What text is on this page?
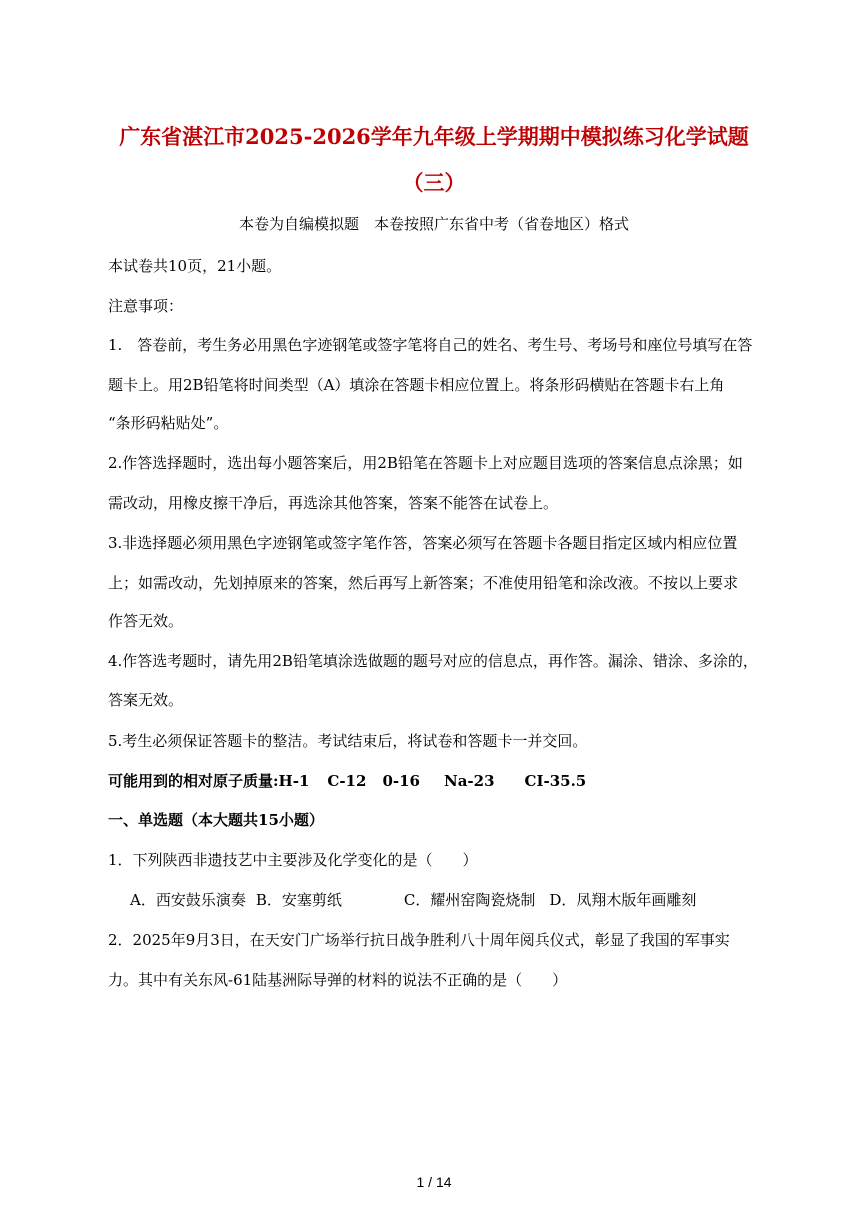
广东省湛江市2025-2026学年九年级上学期期中模拟练习化学试题
（三）
本卷为自编模拟题　本卷按照广东省中考（省卷地区）格式
本试卷共10页，21小题。
注意事项：
1.　答卷前，考生务必用黑色字迹钢笔或签字笔将自己的姓名、考生号、考场号和座位号填写在答
题卡上。用2B铅笔将时间类型（A）填涂在答题卡相应位置上。将条形码横贴在答题卡右上角
“条形码粘贴处”。
2.作答选择题时，选出每小题答案后，用2B铅笔在答题卡上对应题目选项的答案信息点涂黑；如
需改动，用橡皮擦干净后，再选涂其他答案，答案不能答在试卷上。
3.非选择题必须用黑色字迹钢笔或签字笔作答，答案必须写在答题卡各题目指定区域内相应位置
上；如需改动，先划掉原来的答案，然后再写上新答案；不准使用铅笔和涂改液。不按以上要求
作答无效。
4.作答选考题时，请先用2B铅笔填涂选做题的题号对应的信息点，再作答。漏涂、错涂、多涂的，
答案无效。
5.考生必须保证答题卡的整洁。考试结束后，将试卷和答题卡一并交回。
可能用到的相对原子质量:H-1 C-12 0-16 Na-23 CI-35.5
一、单选题（本大题共15小题）
1．下列陕西非遗技艺中主要涉及化学变化的是（　　）
A．西安鼓乐演奏 B．安塞剪纸	C．耀州窑陶瓷烧制 D．凤翔木版年画雕刻
2．2025年9月3日，在天安门广场举行抗日战争胜利八十周年阅兵仪式，彰显了我国的军事实
力。其中有关东风-61陆基洲际导弹的材料的说法不正确的是（　　）
1 / 14
